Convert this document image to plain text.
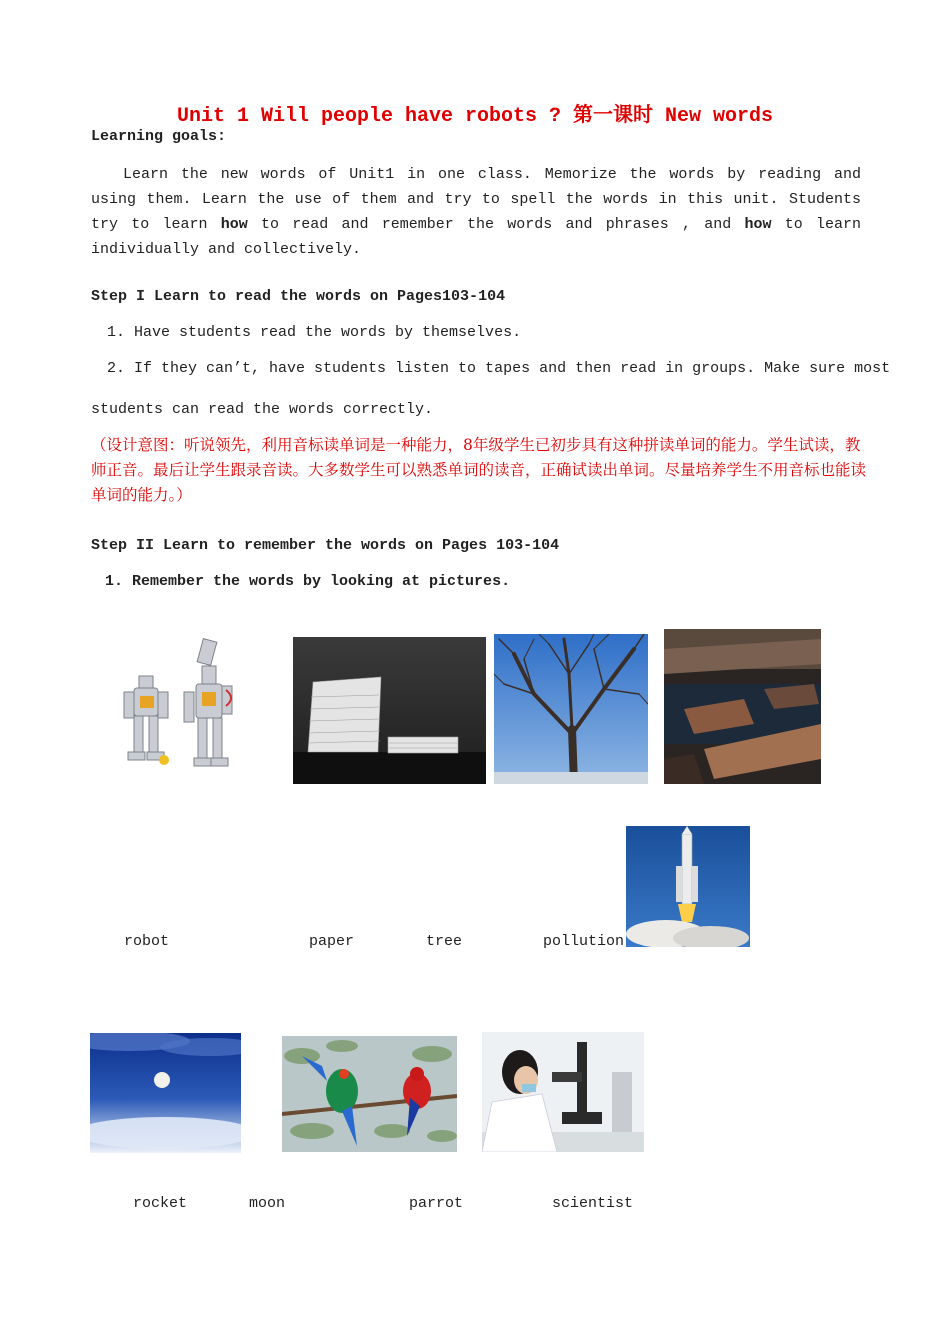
Unit 1 Will people have robots ? 第一课时 New words
Learning goals:
Learn the new words of Unit1 in one class. Memorize the words by reading and using them. Learn the use of them and try to spell the words in this unit. Students try to learn how to read and remember the words and phrases , and how to learn individually and collectively.
Step I Learn to read the words on Pages103-104
1. Have students read the words by themselves.
2. If they can’t, have students listen to tapes and then read in groups. Make sure most
students can read the words correctly.
（设计意图：听说领先，利用音标读单词是一种能力，8年级学生已初步具有这种拼读单词的能力。学生试读，教师正音。最后让学生跟录音读。大多数学生可以熟悉单词的读音，正确试读出单词。尽量培养学生不用音标也能读单词的能力。）
Step II Learn to remember the words on Pages 103-104
1. Remember the words by looking at pictures.
robot	paper	tree	pollution
rocket	moon	parrot	scientist
